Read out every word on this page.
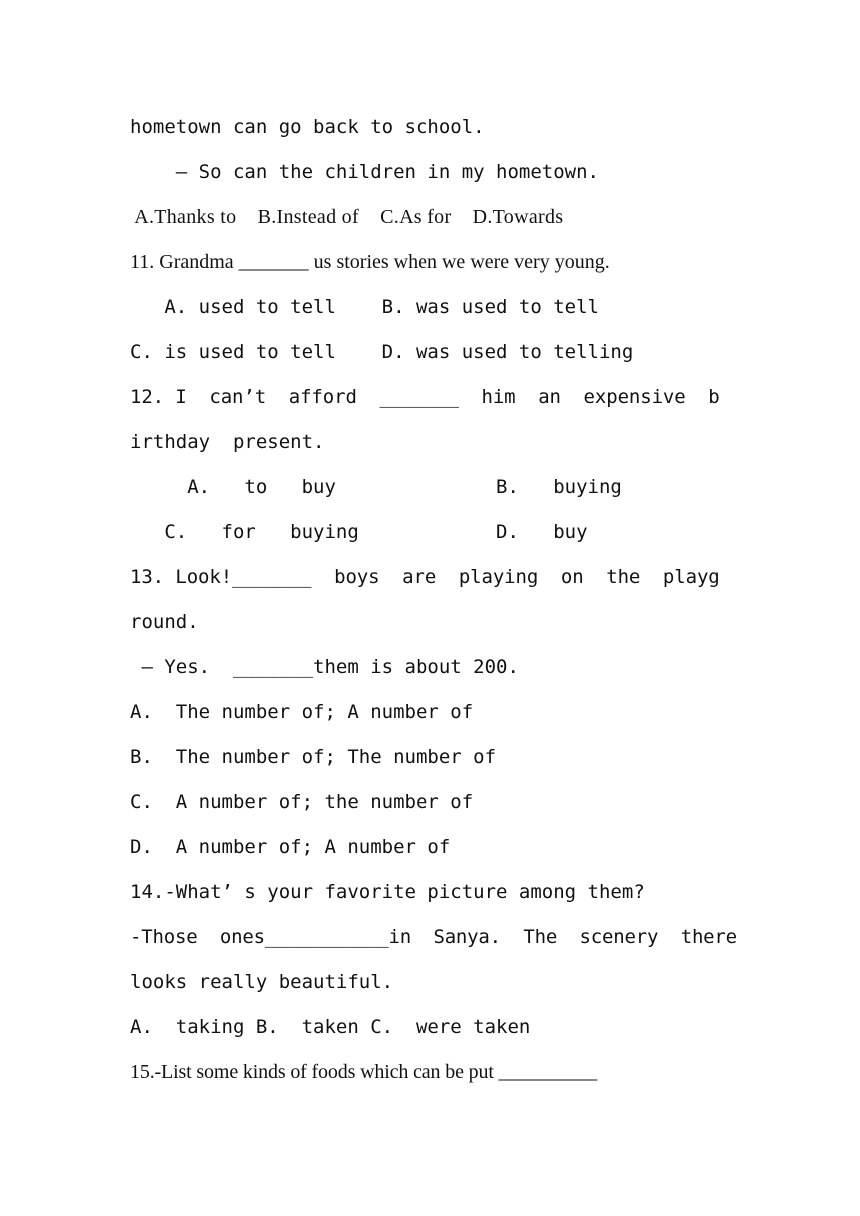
hometown can go back to school.
— So can the children in my hometown.
A.Thanks to    B.Instead of    C.As for    D.Towards
11. Grandma _______ us stories when we were very young.
A. used to tell    B. was used to tell
C. is used to tell    D. was used to telling
12. I  can’t  afford  _______  him  an  expensive  b
irthday  present.
A.   to   buy              B.   buying
C.   for   buying            D.   buy
13. Look!_______  boys  are  playing  on  the  playg
round.
— Yes.  _______them is about 200.
A.  The number of; A number of
B.  The number of; The number of
C.  A number of; the number of
D.  A number of; A number of
14.-What’ s your favorite picture among them?
-Those  ones___________in  Sanya.  The  scenery  there
looks really beautiful.
A.  taking B.  taken C.  were taken
15.-List some kinds of foods which can be put __________
